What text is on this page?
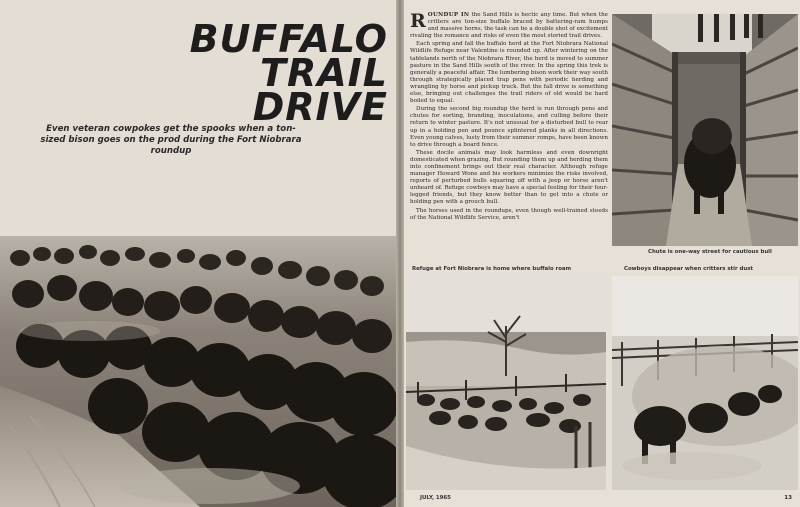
BUFFALO
TRAIL
DRIVE
Even veteran cowpokes get the spooks when a ton-sized bison goes on the prod during the Fort Niobrara roundup

ROUNDUP IN the Sand Hills is hectic any time. But when the critters are ton-size buffalo braced by battering-ram humps and massive horns, the task can be a double shot of excitement rivaling the romance and risks of even the most storied trail drives.

Each spring and fall the buffalo herd at the Fort Niobrara National Wildlife Refuge near Valentine is rounded up. After wintering on the tablelands north of the Niobrara River, the herd is moved to summer pasture in the Sand Hills south of the river. In the spring this trek is generally a peaceful affair. The lumbering bison work their way south through strategically placed trap pens with periodic herding and wrangling by horse and pickup truck. But the fall drive is something else, bringing out challenges the trail riders of old would be hard boiled to equal.

During the second big roundup the herd is run through pens and chutes for sorting, branding, inoculations, and culling before their return to winter pasture. It's not unusual for a disturbed bull to rear up in a holding pen and pounce splintered planks in all directions. Even young calves, lusty from their summer romps, have been known to drive through a board fence.

These docile animals may look harmless and even downright domesticated when grazing. But rounding them up and herding them into confinement brings out their real character. Although refuge manager Howard Wone and his workers minimize the risks involved, reports of perturbed bulls squaring off with a jeep or horse aren't unheard of. Refuge cowboys may have a special feeling for their four-legged friends, but they know better than to get into a chute or holding pen with a grouch bull.

The horses used in the roundups, even though well-trained steeds of the National Wildlife Service, aren't

Chute is one-way street for cautious bull
Refuge at Fort Niobrara is home where buffalo roam	Cowboys disappear when critters stir dust
JULY, 1965	13
